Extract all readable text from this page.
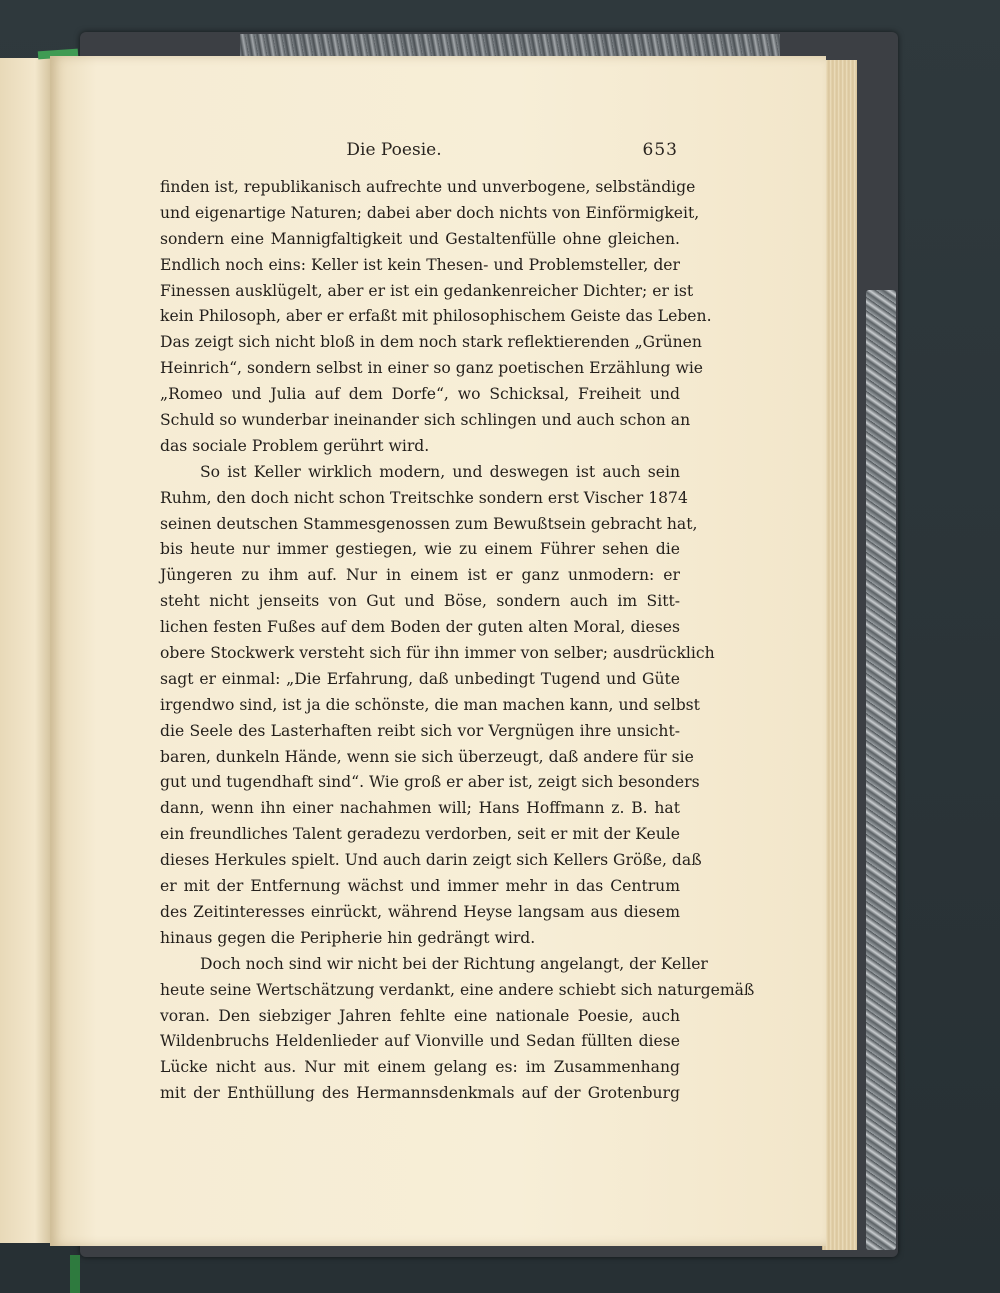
Die Poesie.	653
finden ist, republikanisch aufrechte und unverbogene, selbständige
und eigenartige Naturen; dabei aber doch nichts von Einförmigkeit,
sondern eine Mannigfaltigkeit und Gestaltenfülle ohne gleichen.
Endlich noch eins: Keller ist kein Thesen- und Problemsteller, der
Finessen ausklügelt, aber er ist ein gedankenreicher Dichter; er ist
kein Philosoph, aber er erfaßt mit philosophischem Geiste das Leben.
Das zeigt sich nicht bloß in dem noch stark reflektierenden „Grünen
Heinrich“, sondern selbst in einer so ganz poetischen Erzählung wie
„Romeo und Julia auf dem Dorfe“, wo Schicksal, Freiheit und
Schuld so wunderbar ineinander sich schlingen und auch schon an
das sociale Problem gerührt wird.
So ist Keller wirklich modern, und deswegen ist auch sein
Ruhm, den doch nicht schon Treitschke sondern erst Vischer 1874
seinen deutschen Stammesgenossen zum Bewußtsein gebracht hat,
bis heute nur immer gestiegen, wie zu einem Führer sehen die
Jüngeren zu ihm auf. Nur in einem ist er ganz unmodern: er
steht nicht jenseits von Gut und Böse, sondern auch im Sitt-
lichen festen Fußes auf dem Boden der guten alten Moral, dieses
obere Stockwerk versteht sich für ihn immer von selber; ausdrücklich
sagt er einmal: „Die Erfahrung, daß unbedingt Tugend und Güte
irgendwo sind, ist ja die schönste, die man machen kann, und selbst
die Seele des Lasterhaften reibt sich vor Vergnügen ihre unsicht-
baren, dunkeln Hände, wenn sie sich überzeugt, daß andere für sie
gut und tugendhaft sind“. Wie groß er aber ist, zeigt sich besonders
dann, wenn ihn einer nachahmen will; Hans Hoffmann z. B. hat
ein freundliches Talent geradezu verdorben, seit er mit der Keule
dieses Herkules spielt. Und auch darin zeigt sich Kellers Größe, daß
er mit der Entfernung wächst und immer mehr in das Centrum
des Zeitinteresses einrückt, während Heyse langsam aus diesem
hinaus gegen die Peripherie hin gedrängt wird.
Doch noch sind wir nicht bei der Richtung angelangt, der Keller
heute seine Wertschätzung verdankt, eine andere schiebt sich naturgemäß
voran. Den siebziger Jahren fehlte eine nationale Poesie, auch
Wildenbruchs Heldenlieder auf Vionville und Sedan füllten diese
Lücke nicht aus. Nur mit einem gelang es: im Zusammenhang
mit der Enthüllung des Hermannsdenkmals auf der Grotenburg
